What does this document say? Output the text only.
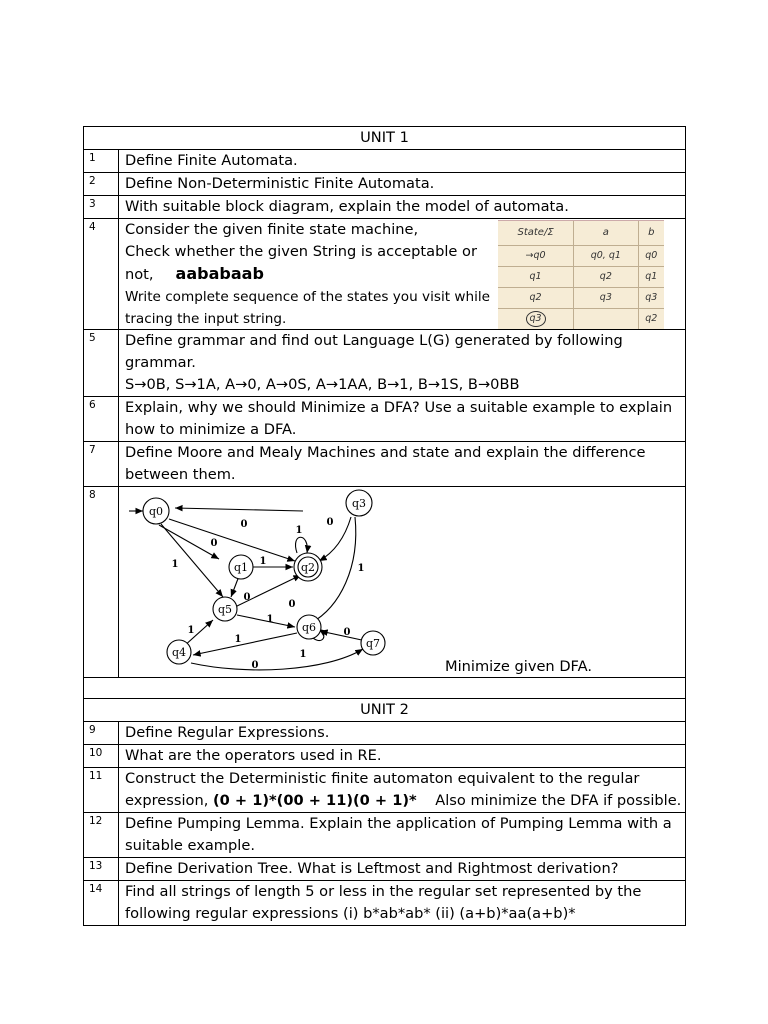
UNIT 1
1	Define Finite Automata.
2	Define Non-Deterministic Finite Automata.
3	With suitable block diagram, explain the model of automata.
4	Consider the given finite state machine,
Check whether the given String is acceptable or
not, aababaab
Write complete sequence of the states you visit while
tracing the input string.
State/Σ	a	b
→q0	q0, q1	q0
q1	q2	q1
q2	q3	q3
q3		q2

5	Define grammar and find out Language L(G) generated by following
grammar.
S→0B, S→1A, A→0, A→0S, A→1AA, B→1, B→1S, B→0BB

6	Explain, why we should Minimize a DFA? Use a suitable example to explain
how to minimize a DFA.

7	Define Moore and Mealy Machines and state and explain the difference
between them.

8	
q0
q1	q2
q3
q4
q5
q6
q7
0
0
1
1
0
1
1
0
0
1
0
1
1
1
0	Minimize given DFA.

UNIT 2
9	Define Regular Expressions.
10	What are the operators used in RE.
11	Construct the Deterministic finite automaton equivalent to the regular
expression, (0 + 1)*(00 + 11)(0 + 1)* Also minimize the DFA if possible.

12	Define Pumping Lemma. Explain the application of Pumping Lemma with a
suitable example.

13	Define Derivation Tree. What is Leftmost and Rightmost derivation?
14	Find all strings of length 5 or less in the regular set represented by the
following regular expressions (i) b*ab*ab* (ii) (a+b)*aa(a+b)*
